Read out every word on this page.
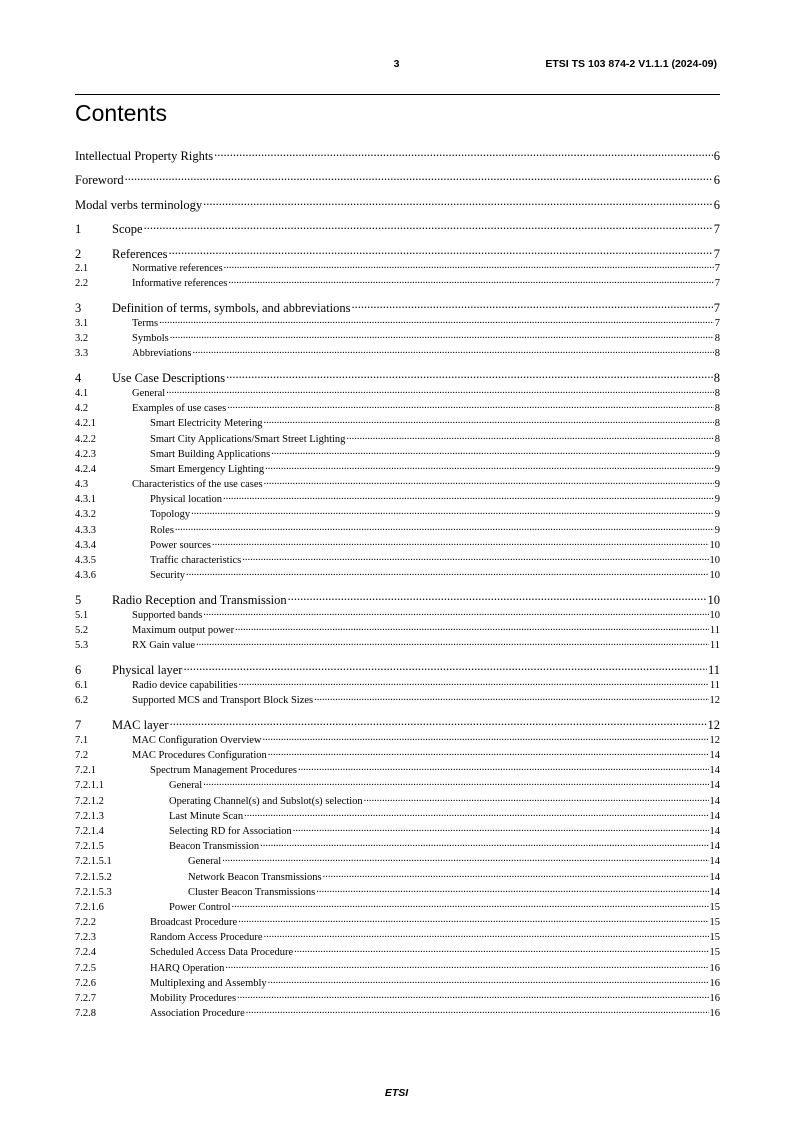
3	ETSI TS 103 874-2 V1.1.1 (2024-09)
Contents
Intellectual Property Rights .....	6
Foreword .....	6
Modal verbs terminology .....	6
1 Scope .....	7
2 References .....	7
2.1	Normative references .....	7
2.2	Informative references .....	7
3 Definition of terms, symbols, and abbreviations .....	7
3.1	Terms .....	7
3.2	Symbols .....	8
3.3	Abbreviations .....	8
4 Use Case Descriptions .....	8
4.1	General .....	8
4.2	Examples of use cases .....	8
4.2.1	Smart Electricity Metering .....	8
4.2.2	Smart City Applications/Smart Street Lighting .....	8
4.2.3	Smart Building Applications .....	9
4.2.4	Smart Emergency Lighting .....	9
4.3	Characteristics of the use cases .....	9
4.3.1	Physical location .....	9
4.3.2	Topology .....	9
4.3.3	Roles .....	9
4.3.4	Power sources .....	10
4.3.5	Traffic characteristics .....	10
4.3.6	Security .....	10
5 Radio Reception and Transmission .....	10
5.1	Supported bands .....	10
5.2	Maximum output power .....	11
5.3	RX Gain value .....	11
6 Physical layer .....	11
6.1	Radio device capabilities .....	11
6.2	Supported MCS and Transport Block Sizes .....	12
7 MAC layer .....	12
7.1	MAC Configuration Overview .....	12
7.2	MAC Procedures Configuration .....	14
7.2.1	Spectrum Management Procedures .....	14
7.2.1.1	General .....	14
7.2.1.2	Operating Channel(s) and Subslot(s) selection .....	14
7.2.1.3	Last Minute Scan .....	14
7.2.1.4	Selecting RD for Association .....	14
7.2.1.5	Beacon Transmission .....	14
7.2.1.5.1	General .....	14
7.2.1.5.2	Network Beacon Transmissions .....	14
7.2.1.5.3	Cluster Beacon Transmissions .....	14
7.2.1.6	Power Control .....	15
7.2.2	Broadcast Procedure .....	15
7.2.3	Random Access Procedure .....	15
7.2.4	Scheduled Access Data Procedure .....	15
7.2.5	HARQ Operation .....	16
7.2.6	Multiplexing and Assembly .....	16
7.2.7	Mobility Procedures .....	16
7.2.8	Association Procedure .....	16
ETSI
